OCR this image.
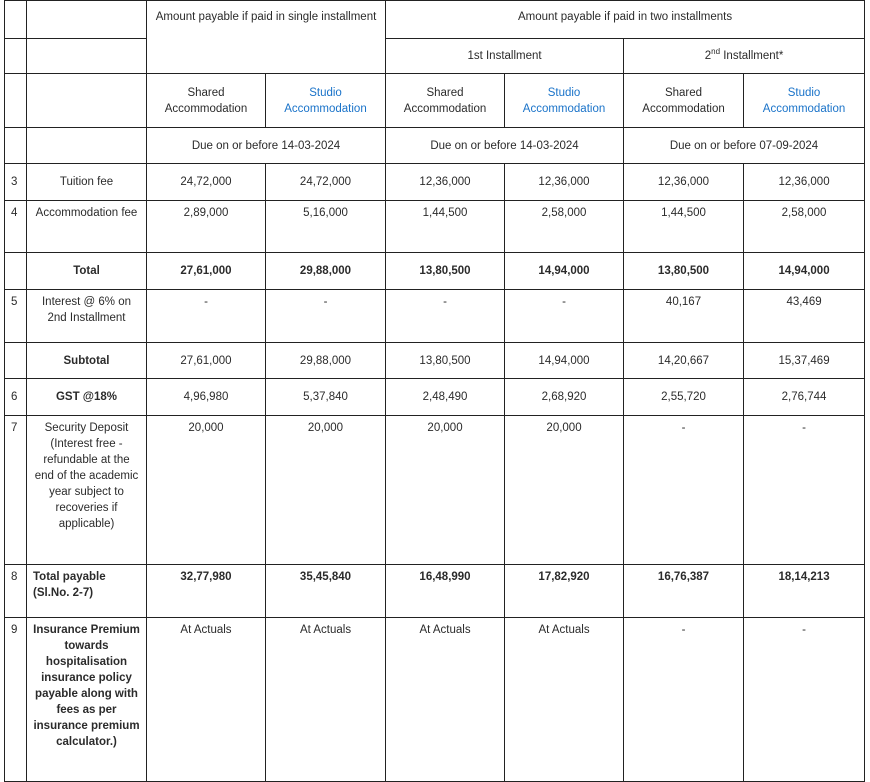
		Amount payable if paid in single installment		Amount payable if paid in two installments			
				1st Installment		2nd Installment*	
		Shared Accommodation	Studio Accommodation	Shared Accommodation	Studio Accommodation	Shared Accommodation	Studio Accommodation
		Due on or before 14-03-2024		Due on or before 14-03-2024		Due on or before 07-09-2024	
3	Tuition fee	24,72,000	24,72,000	12,36,000	12,36,000	12,36,000	12,36,000
4	Accommodation fee	2,89,000	5,16,000	1,44,500	2,58,000	1,44,500	2,58,000
	Total	27,61,000	29,88,000	13,80,500	14,94,000	13,80,500	14,94,000
5	Interest @ 6% on 2nd Installment	-	-	-	-	40,167	43,469
	Subtotal	27,61,000	29,88,000	13,80,500	14,94,000	14,20,667	15,37,469
6	GST @18%	4,96,980	5,37,840	2,48,490	2,68,920	2,55,720	2,76,744
7	Security Deposit (Interest free - refundable at the end of the academic year subject to recoveries if applicable)	20,000	20,000	20,000	20,000	-	-
8	Total payable (Sl.No. 2-7)	32,77,980	35,45,840	16,48,990	17,82,920	16,76,387	18,14,213
9	Insurance Premium towards hospitalisation insurance policy payable along with fees as per insurance premium calculator.)	At Actuals	At Actuals	At Actuals	At Actuals	-	-
